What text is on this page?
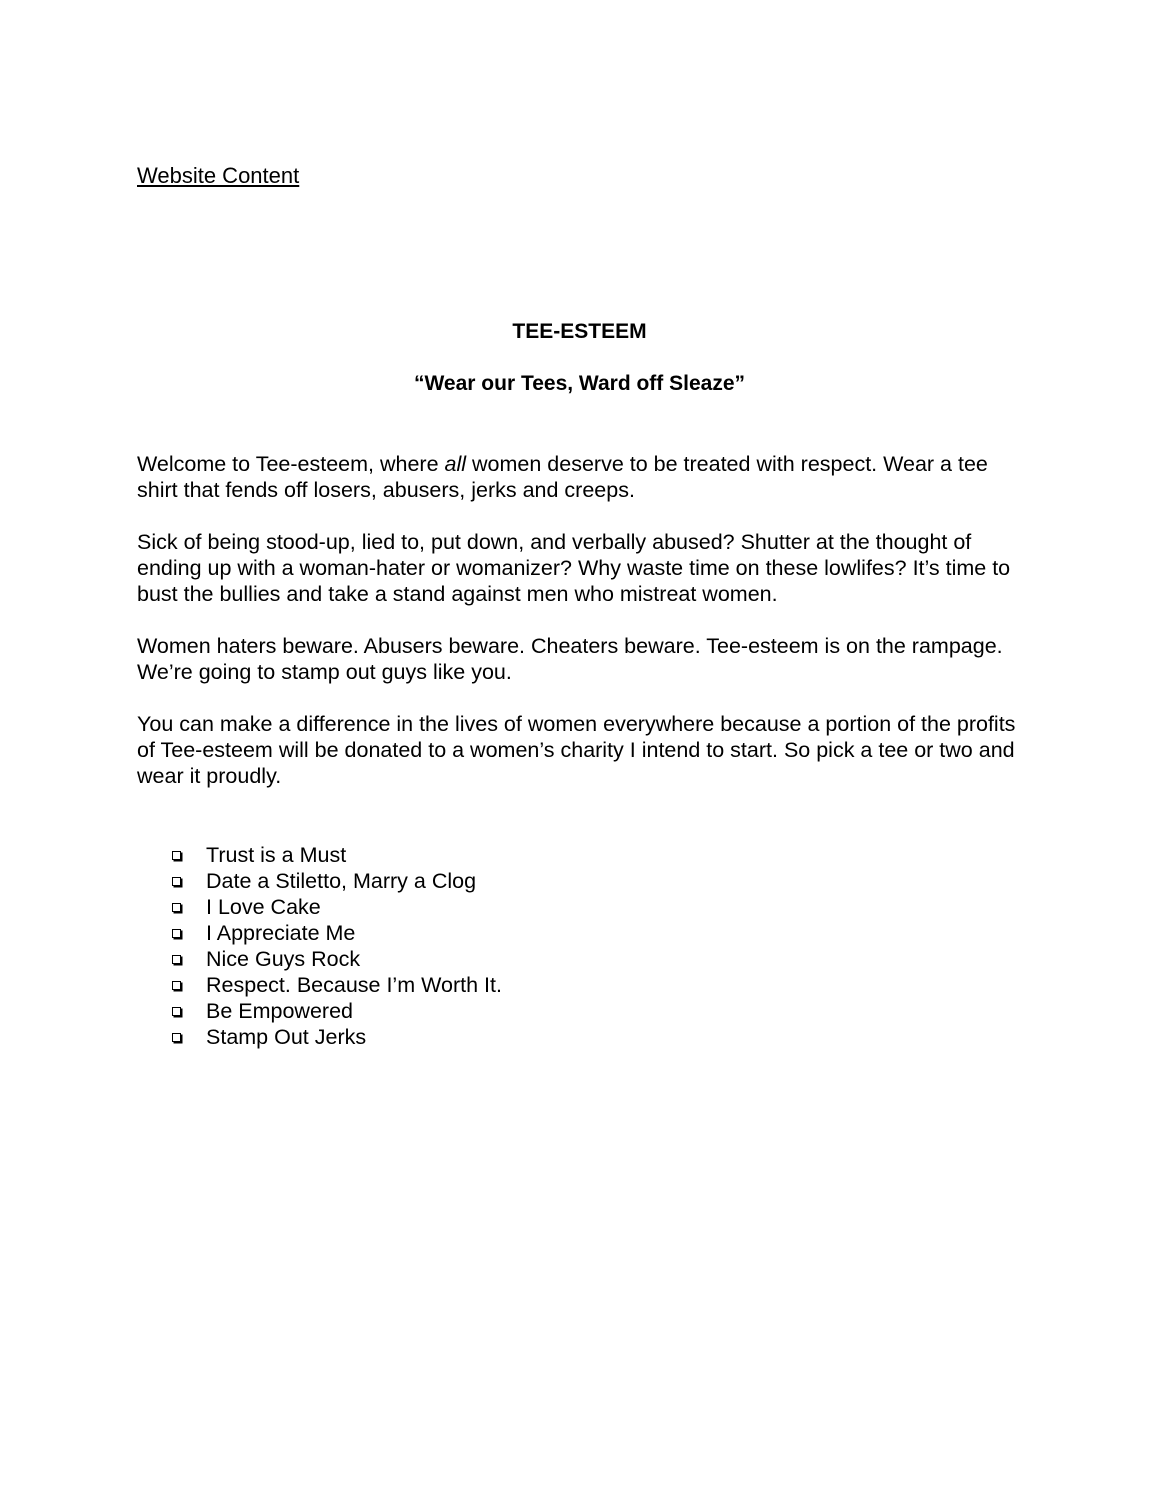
Website Content

TEE-ESTEEM
“Wear our Tees, Ward off Sleaze”

Welcome to Tee-esteem, where all women deserve to be treated with respect. Wear a tee shirt that fends off losers, abusers, jerks and creeps.

Sick of being stood-up, lied to, put down, and verbally abused? Shutter at the thought of ending up with a woman-hater or womanizer? Why waste time on these lowlifes? It’s time to bust the bullies and take a stand against men who mistreat women.

Women haters beware. Abusers beware. Cheaters beware. Tee-esteem is on the rampage. We’re going to stamp out guys like you.

You can make a difference in the lives of women everywhere because a portion of the profits of Tee-esteem will be donated to a women’s charity I intend to start. So pick a tee or two and wear it proudly.

Trust is a Must
Date a Stiletto, Marry a Clog
I Love Cake
I Appreciate Me
Nice Guys Rock
Respect. Because I’m Worth It.
Be Empowered
Stamp Out Jerks
